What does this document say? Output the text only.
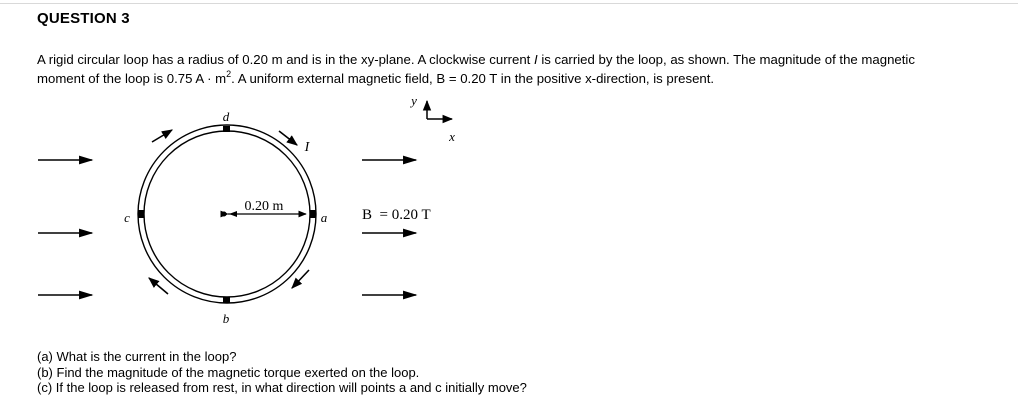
QUESTION 3

A rigid circular loop has a radius of 0.20 m and is in the xy-plane. A clockwise current I is carried by the loop, as shown. The magnitude of the magnetic

moment of the loop is 0.75 $A \cdot m^2$. A uniform external magnetic field, B = 0.20 T in the positive x-direction, is present.

d
b
c	a
I
0.20 m
B  = 0.20 T
y
x
(a) What is the current in the loop?
(b) Find the magnitude of the magnetic torque exerted on the loop.
(c) If the loop is released from rest, in what direction will points a and c initially move?
